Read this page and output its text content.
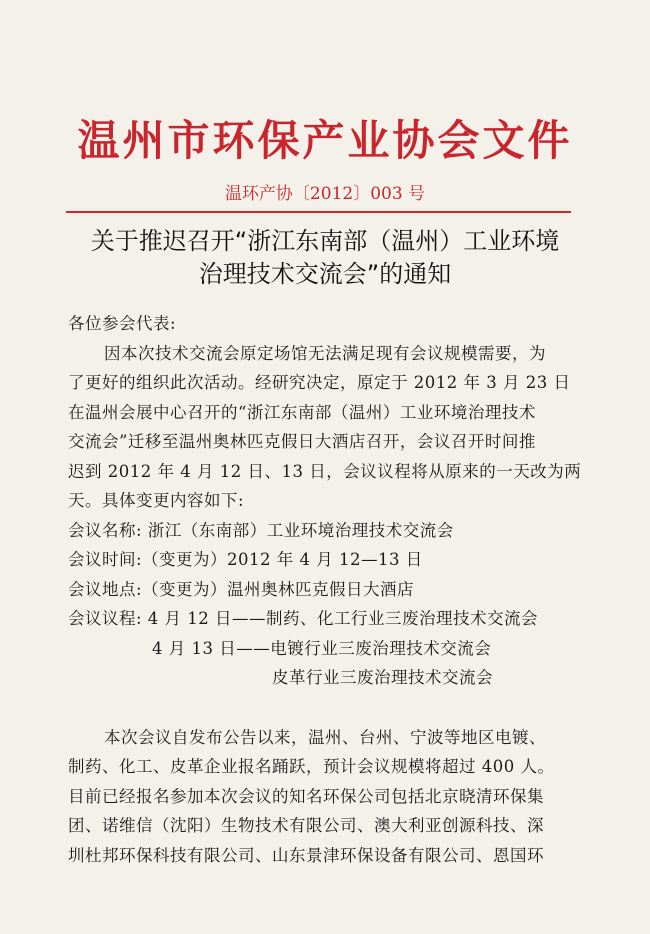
温州市环保产业协会文件
温环产协〔2012〕003 号
关于推迟召开“浙江东南部（温州）工业环境
治理技术交流会”的通知
各位参会代表:
因本次技术交流会原定场馆无法满足现有会议规模需要，为
了更好的组织此次活动。经研究决定，原定于 2012 年 3 月 23 日
在温州会展中心召开的“浙江东南部（温州）工业环境治理技术
交流会”迁移至温州奥林匹克假日大酒店召开，会议召开时间推
迟到 2012 年 4 月 12 日、13 日，会议议程将从原来的一天改为两
天。具体变更内容如下:
会议名称: 浙江（东南部）工业环境治理技术交流会
会议时间:（变更为）2012 年 4 月 12—13 日
会议地点:（变更为）温州奥林匹克假日大酒店
会议议程: 4 月 12 日——制药、化工行业三废治理技术交流会
4 月 13 日——电镀行业三废治理技术交流会
皮革行业三废治理技术交流会
本次会议自发布公告以来，温州、台州、宁波等地区电镀、
制药、化工、皮革企业报名踊跃，预计会议规模将超过 400 人。
目前已经报名参加本次会议的知名环保公司包括北京晓清环保集
团、诺维信（沈阳）生物技术有限公司、澳大利亚创源科技、深
圳杜邦环保科技有限公司、山东景津环保设备有限公司、恩国环
